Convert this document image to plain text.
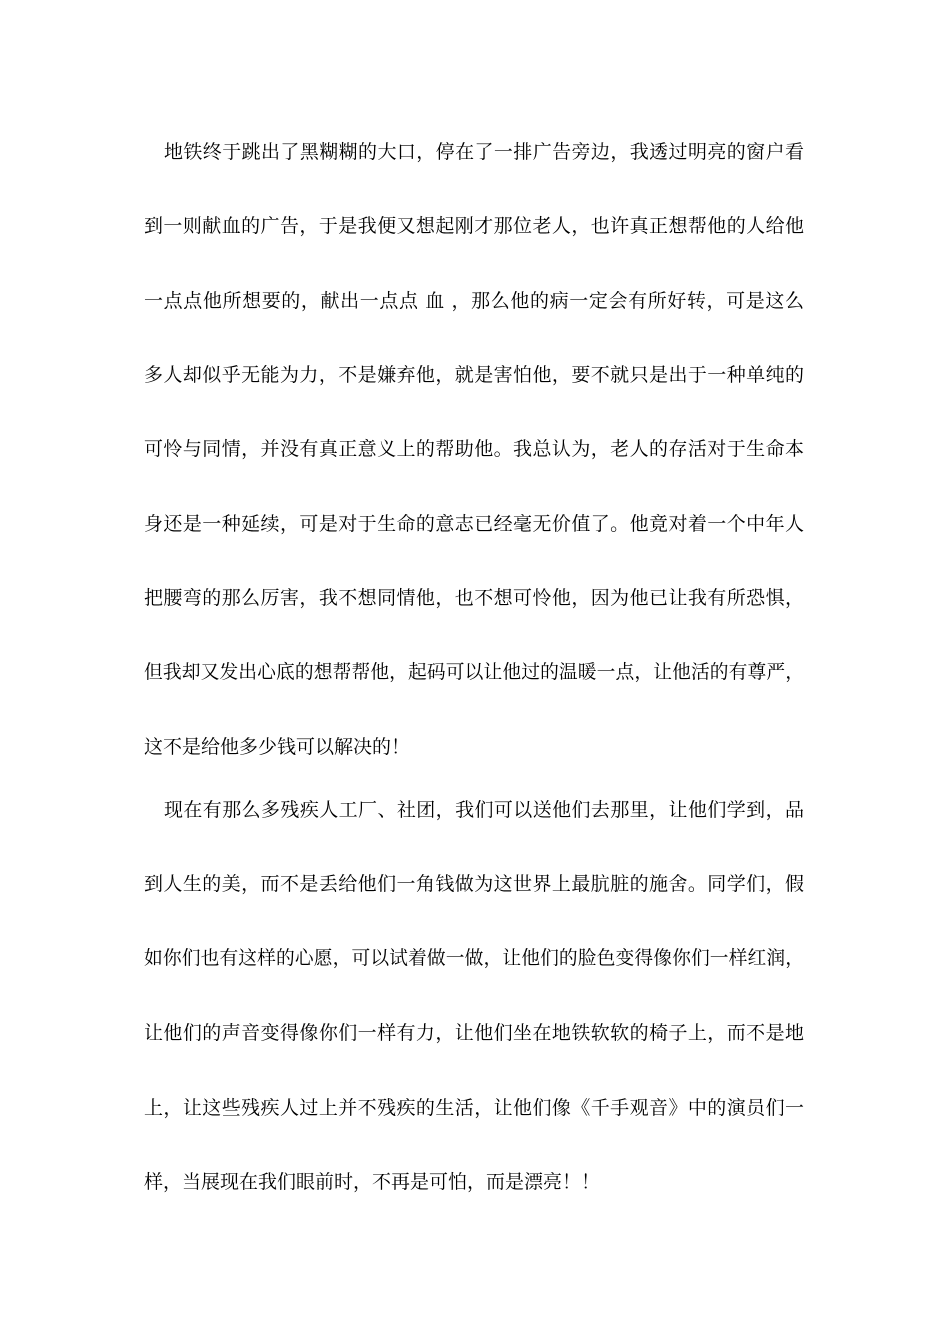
地铁终于跳出了黑糊糊的大口，停在了一排广告旁边，我透过明亮的窗户看
到一则献血的广告，于是我便又想起刚才那位老人，也许真正想帮他的人给他
一点点他所想要的，献出一点点 血 ，那么他的病一定会有所好转，可是这么
多人却似乎无能为力，不是嫌弃他，就是害怕他，要不就只是出于一种单纯的
可怜与同情，并没有真正意义上的帮助他。我总认为，老人的存活对于生命本
身还是一种延续，可是对于生命的意志已经毫无价值了。他竟对着一个中年人
把腰弯的那么厉害，我不想同情他，也不想可怜他，因为他已让我有所恐惧，
但我却又发出心底的想帮帮他，起码可以让他过的温暖一点，让他活的有尊严，
这不是给他多少钱可以解决的！
现在有那么多残疾人工厂、社团，我们可以送他们去那里，让他们学到，品
到人生的美，而不是丢给他们一角钱做为这世界上最肮脏的施舍。同学们，假
如你们也有这样的心愿，可以试着做一做，让他们的脸色变得像你们一样红润，
让他们的声音变得像你们一样有力，让他们坐在地铁软软的椅子上，而不是地
上，让这些残疾人过上并不残疾的生活，让他们像《千手观音》中的演员们一
样，当展现在我们眼前时，不再是可怕，而是漂亮！！
